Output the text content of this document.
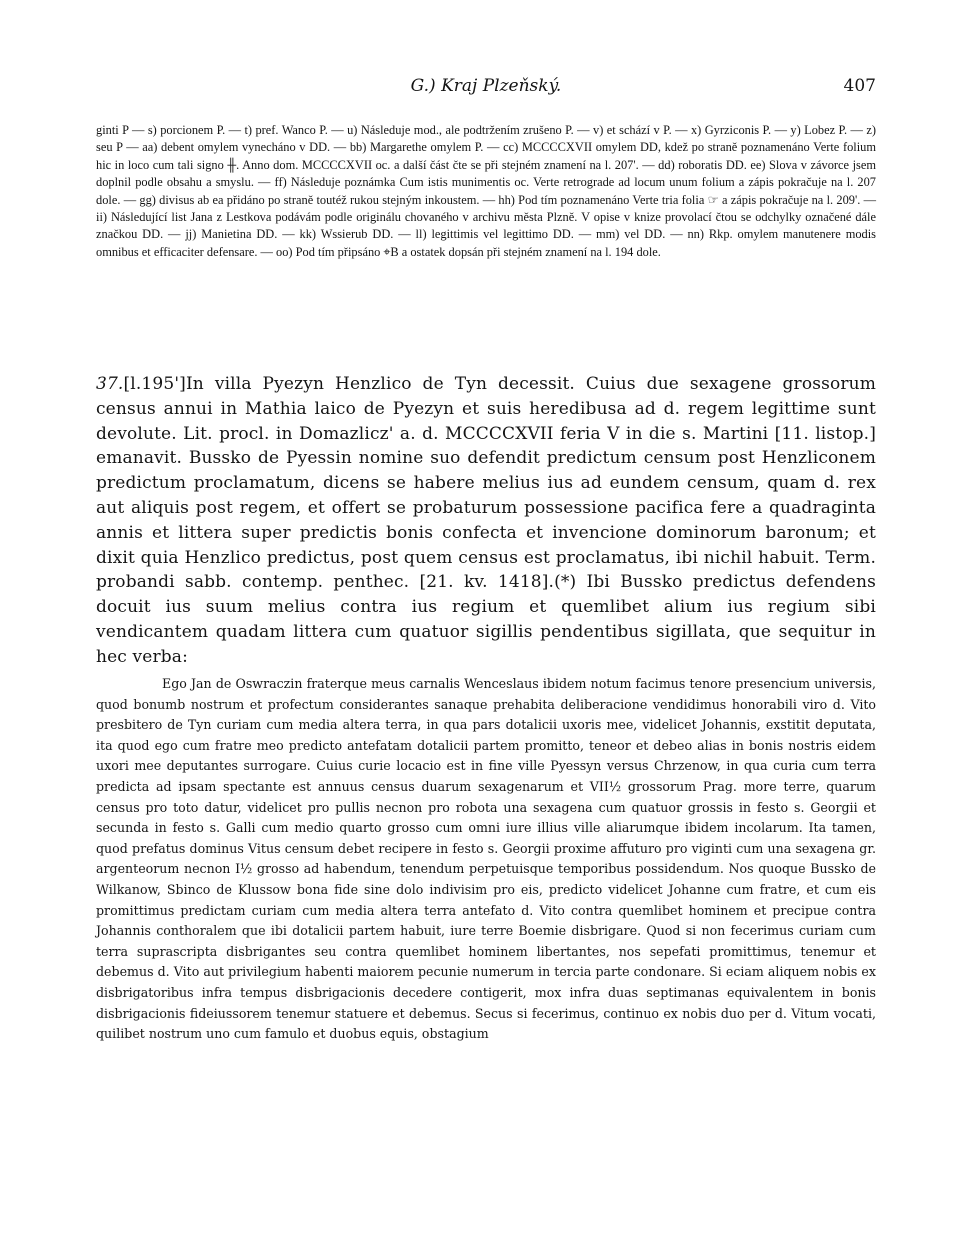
G.) Kraj Plzeňský.	407

ginti P — s) porcionem P. — t) pref. Wanco P. — u) Následuje mod., ale podtržením zrušeno P. — v) et schází v P. — x) Gyrziconis P. — y) Lobez P. — z) seu P — aa) debent omylem vynecháno v DD. — bb) Margarethe omylem P. — cc) MCCCCXVII omylem DD, kdež po straně poznamenáno Verte folium hic in loco cum tali signo ╫. Anno dom. MCCCCXVII oc. a další část čte se při stejném znamení na l. 207'. — dd) roboratis DD. ee) Slova v závorce jsem doplnil podle obsahu a smyslu. — ff) Následuje poznámka Cum istis munimentis oc. Verte retrograde ad locum unum folium a zápis pokračuje na l. 207 dole. — gg) divisus ab ea přidáno po straně toutéž rukou stejným inkoustem. — hh) Pod tím poznamenáno Verte tria folia ☞ a zápis pokračuje na l. 209'. — ii) Následující list Jana z Lestkova podávám podle originálu chovaného v archivu města Plzně. V opise v knize provolací čtou se odchylky označené dále značkou DD. — jj) Manietina DD. — kk) Wssierub DD. — ll) legittimis vel legittimo DD. — mm) vel DD. — nn) Rkp. omylem manutenere modis omnibus et efficaciter defensare. — oo) Pod tím připsáno ⌖B a ostatek dopsán při stejném znamení na l. 194 dole.

37.[l.195']In villa Pyezyn Henzlico de Tyn decessit. Cuius due sexagene grossorum census annui in Mathia laico de Pyezyn et suis heredibusa ad d. regem legittime sunt devolute. Lit. procl. in Domazlicz' a. d. MCCCCXVII feria V in die s. Martini [11. listop.] emanavit. Bussko de Pyessin nomine suo defendit predictum censum post Henzliconem predictum proclamatum, dicens se habere melius ius ad eundem censum, quam d. rex aut aliquis post regem, et offert se probaturum possessione pacifica fere a quadraginta annis et littera super predictis bonis confecta et invencione dominorum baronum; et dixit quia Henzlico predictus, post quem census est proclamatus, ibi nichil habuit. Term. probandi sabb. contemp. penthec. [21. kv. 1418].(*) Ibi Bussko predictus defendens docuit ius suum melius contra ius regium et quemlibet alium ius regium sibi vendicantem quadam littera cum quatuor sigillis pendentibus sigillata, que sequitur in hec verba:

Ego Jan de Oswraczin fraterque meus carnalis Wenceslaus ibidem notum facimus tenore presencium universis, quod bonumb nostrum et profectum considerantes sanaque prehabita deliberacione vendidimus honorabili viro d. Vito presbitero de Tyn curiam cum media altera terra, in qua pars dotalicii uxoris mee, videlicet Johannis, exstitit deputata, ita quod ego cum fratre meo predicto antefatam dotalicii partem promitto, teneor et debeo alias in bonis nostris eidem uxori mee deputantes surrogare. Cuius curie locacio est in fine ville Pyessyn versus Chrzenow, in qua curia cum terra predicta ad ipsam spectante est annuus census duarum sexagenarum et VII½ grossorum Prag. more terre, quarum census pro toto datur, videlicet pro pullis necnon pro robota una sexagena cum quatuor grossis in festo s. Georgii et secunda in festo s. Galli cum medio quarto grosso cum omni iure illius ville aliarumque ibidem incolarum. Ita tamen, quod prefatus dominus Vitus censum debet recipere in festo s. Georgii proxime affuturo pro viginti cum una sexagena gr. argenteorum necnon I½ grosso ad habendum, tenendum perpetuisque temporibus possidendum. Nos quoque Bussko de Wilkanow, Sbinco de Klussow bona fide sine dolo indivisim pro eis, predicto videlicet Johanne cum fratre, et cum eis promittimus predictam curiam cum media altera terra antefato d. Vito contra quemlibet hominem et precipue contra Johannis conthoralem que ibi dotalicii partem habuit, iure terre Boemie disbrigare. Quod si non fecerimus curiam cum terra suprascripta disbrigantes seu contra quemlibet hominem libertantes, nos sepefati promittimus, tenemur et debemus d. Vito aut privilegium habenti maiorem pecunie numerum in tercia parte condonare. Si eciam aliquem nobis ex disbrigatoribus infra tempus disbrigacionis decedere contigerit, mox infra duas septimanas equivalentem in bonis disbrigacionis fideiussorem tenemur statuere et debemus. Secus si fecerimus, continuo ex nobis duo per d. Vitum vocati, quilibet nostrum uno cum famulo et duobus equis, obstagium
